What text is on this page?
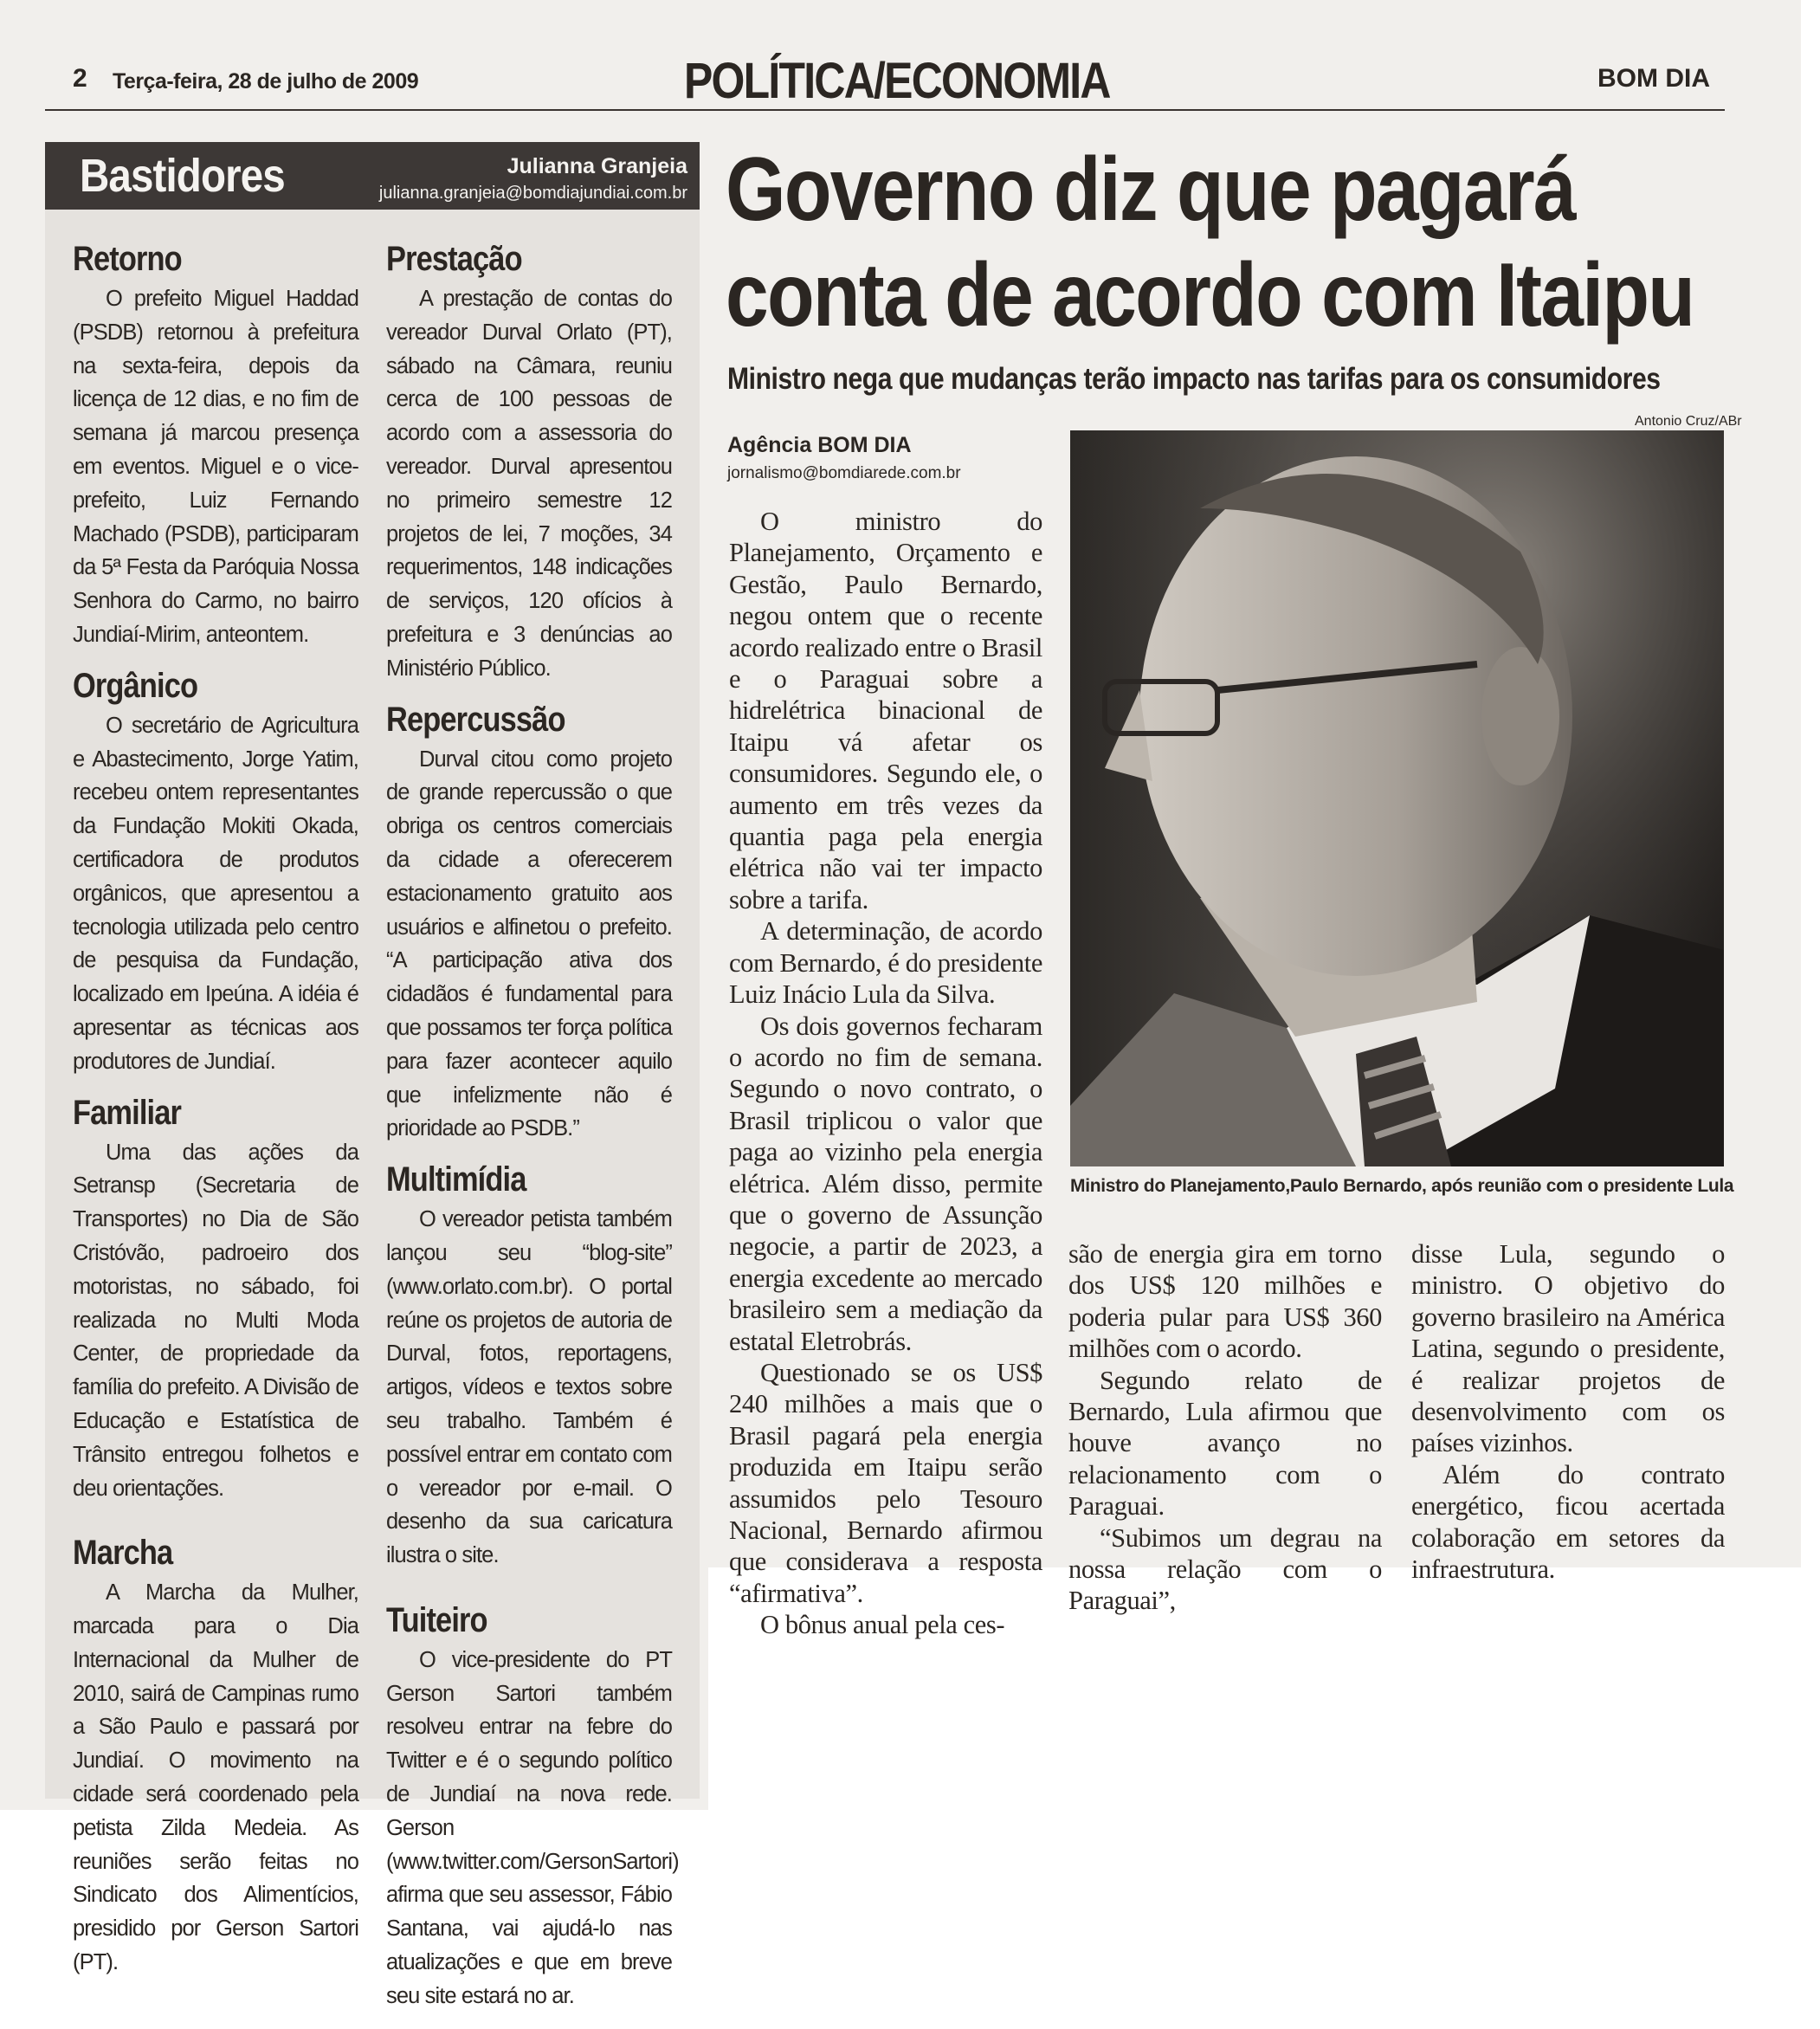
2 Terça-feira, 28 de julho de 2009	POLÍTICA/ECONOMIA	BOM DIA
Bastidores	Julianna Granjeia
julianna.granjeia@bomdiajundiai.com.br
Retorno

O prefeito Miguel Haddad (PSDB) retornou à prefeitura na sexta-feira, depois da licença de 12 dias, e no fim de semana já marcou presença em eventos. Miguel e o vice-prefeito, Luiz Fernando Machado (PSDB), participaram da 5ª Festa da Paróquia Nossa Senhora do Carmo, no bairro Jundiaí-Mirim, anteontem.

Orgânico

O secretário de Agricultura e Abastecimento, Jorge Yatim, recebeu ontem representantes da Fundação Mokiti Okada, certificadora de produtos orgânicos, que apresentou a tecnologia utilizada pelo centro de pesquisa da Fundação, localizado em Ipeúna. A idéia é apresentar as técnicas aos produtores de Jundiaí.

Familiar

Uma das ações da Setransp (Secretaria de Transportes) no Dia de São Cristóvão, padroeiro dos motoristas, no sábado, foi realizada no Multi Moda Center, de propriedade da família do prefeito. A Divisão de Educação e Estatística de Trânsito entregou folhetos e deu orientações.

Marcha

A Marcha da Mulher, marcada para o Dia Internacional da Mulher de 2010, sairá de Campinas rumo a São Paulo e passará por Jundiaí. O movimento na cidade será coordenado pela petista Zilda Medeia. As reuniões serão feitas no Sindicato dos Alimentícios, presidido por Gerson Sartori (PT).

Prestação

A prestação de contas do vereador Durval Orlato (PT), sábado na Câmara, reuniu cerca de 100 pessoas de acordo com a assessoria do vereador. Durval apresentou no primeiro semestre 12 projetos de lei, 7 moções, 34 requerimentos, 148 indicações de serviços, 120 ofícios à prefeitura e 3 denúncias ao Ministério Público.

Repercussão

Durval citou como projeto de grande repercussão o que obriga os centros comerciais da cidade a oferecerem estacionamento gratuito aos usuários e alfinetou o prefeito. “A participação ativa dos cidadãos é fundamental para que possamos ter força política para fazer acontecer aquilo que infelizmente não é prioridade ao PSDB.”

Multimídia

O vereador petista também lançou seu “blog-site” (www.orlato.com.br). O portal reúne os projetos de autoria de Durval, fotos, reportagens, artigos, vídeos e textos sobre seu trabalho. Também é possível entrar em contato com o vereador por e-mail. O desenho da sua caricatura ilustra o site.

Tuiteiro

O vice-presidente do PT Gerson Sartori também resolveu entrar na febre do Twitter e é o segundo político de Jundiaí na nova rede. Gerson (www.twitter.com/GersonSartori) afirma que seu assessor, Fábio Santana, vai ajudá-lo nas atualizações e que em breve seu site estará no ar.

Governo diz que pagará
conta de acordo com Itaipu
Ministro nega que mudanças terão impacto nas tarifas para os consumidores
Antonio Cruz/ABr
Agência BOM DIA
jornalismo@bomdiarede.com.br
Ministro do Planejamento,Paulo Bernardo, após reunião com o presidente Lula

O ministro do Planejamento, Orçamento e Gestão, Paulo Bernardo, negou ontem que o recente acordo realizado entre o Brasil e o Paraguai sobre a hidrelétrica binacional de Itaipu vá afetar os consumidores. Segundo ele, o aumento em três vezes da quantia paga pela energia elétrica não vai ter impacto sobre a tarifa.

A determinação, de acordo com Bernardo, é do presidente Luiz Inácio Lula da Silva.

Os dois governos fecharam o acordo no fim de semana. Segundo o novo contrato, o Brasil triplicou o valor que paga ao vizinho pela energia elétrica. Além disso, permite que o governo de Assunção negocie, a partir de 2023, a energia excedente ao mercado brasileiro sem a mediação da estatal Eletrobrás.

Questionado se os US$ 240 milhões a mais que o Brasil pagará pela energia produzida em Itaipu serão assumidos pelo Tesouro Nacional, Bernardo afirmou que considerava a resposta “afirmativa”.

O bônus anual pela ces-

são de energia gira em torno dos US$ 120 milhões e poderia pular para US$ 360 milhões com o acordo.

Segundo relato de Bernardo, Lula afirmou que houve avanço no relacionamento com o Paraguai.

“Subimos um degrau na nossa relação com o Paraguai”,

disse Lula, segundo o ministro. O objetivo do governo brasileiro na América Latina, segundo o presidente, é realizar projetos de desenvolvimento com os países vizinhos.

Além do contrato energético, ficou acertada colaboração em setores da infraestrutura.
